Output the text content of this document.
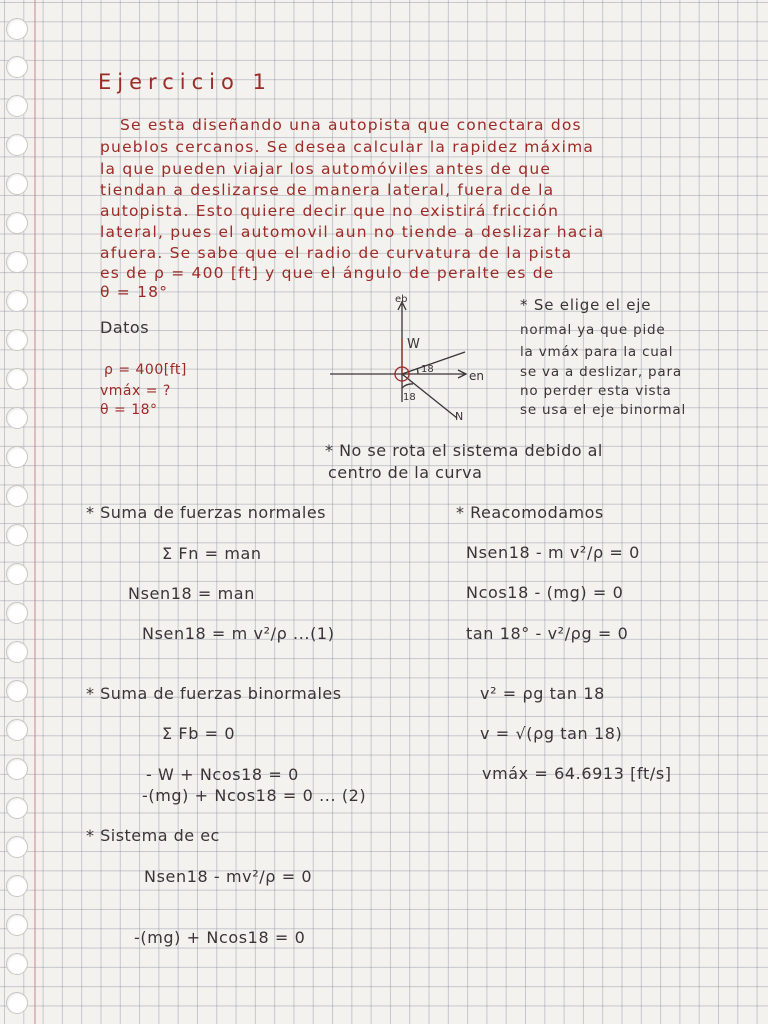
Ejercicio 1
Se esta diseñando una autopista que conectara dos
pueblos cercanos. Se desea calcular la rapidez máxima
la que pueden viajar los automóviles antes de que
tiendan a deslizarse de manera lateral, fuera de la
autopista. Esto quiere decir que no existirá fricción
lateral, pues el automovil aun no tiende a deslizar hacia
afuera. Se sabe que el radio de curvatura de la pista
es de ρ = 400 [ft] y que el ángulo de peralte es de
θ = 18°
Datos
ρ = 400[ft]
vmáx = ?
θ = 18°
eb
W
en
18
18
N
* Se elige el eje
normal ya que pide
la vmáx para la cual
se va a deslizar, para
no perder esta vista
se usa el eje binormal
* No se rota el sistema debido al
centro de la curva
* Suma de fuerzas normales
Σ Fn = man
Nsen18 = man
Nsen18 = m v²/ρ ...(1)
* Suma de fuerzas binormales
Σ Fb = 0
- W + Ncos18 = 0
-(mg) + Ncos18 = 0 ... (2)
* Sistema de ec
Nsen18 - mv²/ρ = 0
-(mg) + Ncos18 = 0
* Reacomodamos
Nsen18 - m v²/ρ = 0
Ncos18 - (mg) = 0
tan 18° - v²/ρg = 0
v² = ρg tan 18
v = √(ρg tan 18)
vmáx = 64.6913 [ft/s]
